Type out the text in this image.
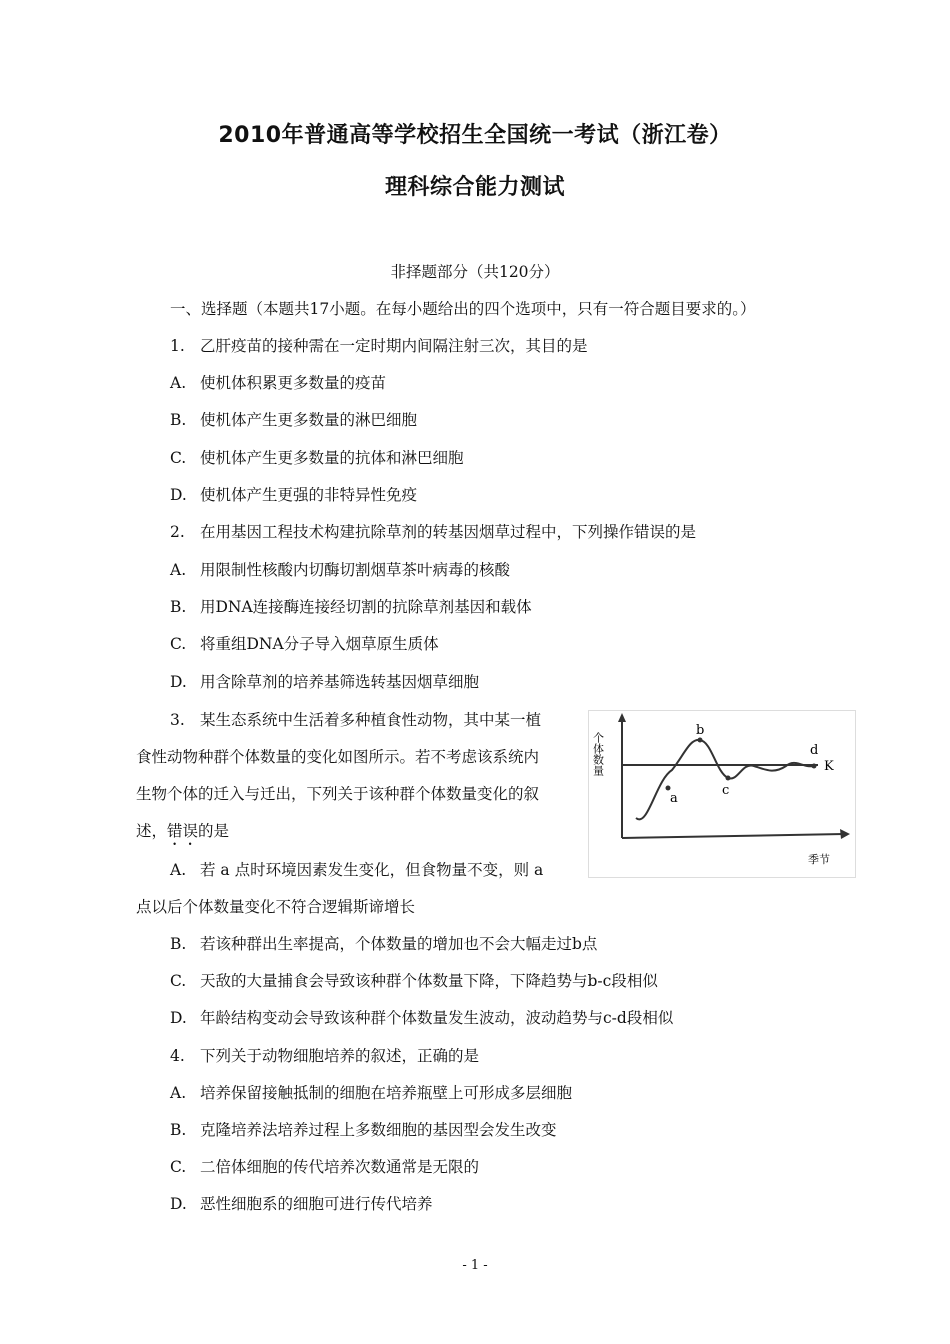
2010年普通高等学校招生全国统一考试（浙江卷）
理科综合能力测试
非择题部分（共120分）
一、选择题（本题共17小题。在每小题给出的四个选项中，只有一符合题目要求的。）
1. 乙肝疫苗的接种需在一定时期内间隔注射三次，其目的是
A. 使机体积累更多数量的疫苗
B. 使机体产生更多数量的淋巴细胞
C. 使机体产生更多数量的抗体和淋巴细胞
D. 使机体产生更强的非特异性免疫
2. 在用基因工程技术构建抗除草剂的转基因烟草过程中，下列操作错误的是
A. 用限制性核酸内切酶切割烟草茶叶病毒的核酸
B. 用DNA连接酶连接经切割的抗除草剂基因和载体
C. 将重组DNA分子导入烟草原生质体
D. 用含除草剂的培养基筛选转基因烟草细胞
3. 某生态系统中生活着多种植食性动物，其中某一植
食性动物种群个体数量的变化如图所示。若不考虑该系统内
生物个体的迁入与迁出，下列关于该种群个体数量变化的叙
述，错误的是
A. 若 a 点时环境因素发生变化，但食物量不变，则 a
点以后个体数量变化不符合逻辑斯谛增长
B. 若该种群出生率提高，个体数量的增加也不会大幅走过b点
C. 天敌的大量捕食会导致该种群个体数量下降，下降趋势与b-c段相似
D. 年龄结构变动会导致该种群个体数量发生波动，波动趋势与c-d段相似
a
b
c
d
K
个体数量
季节
4. 下列关于动物细胞培养的叙述，正确的是
A. 培养保留接触抵制的细胞在培养瓶壁上可形成多层细胞
B. 克隆培养法培养过程上多数细胞的基因型会发生改变
C. 二倍体细胞的传代培养次数通常是无限的
D. 恶性细胞系的细胞可进行传代培养
- 1 -
